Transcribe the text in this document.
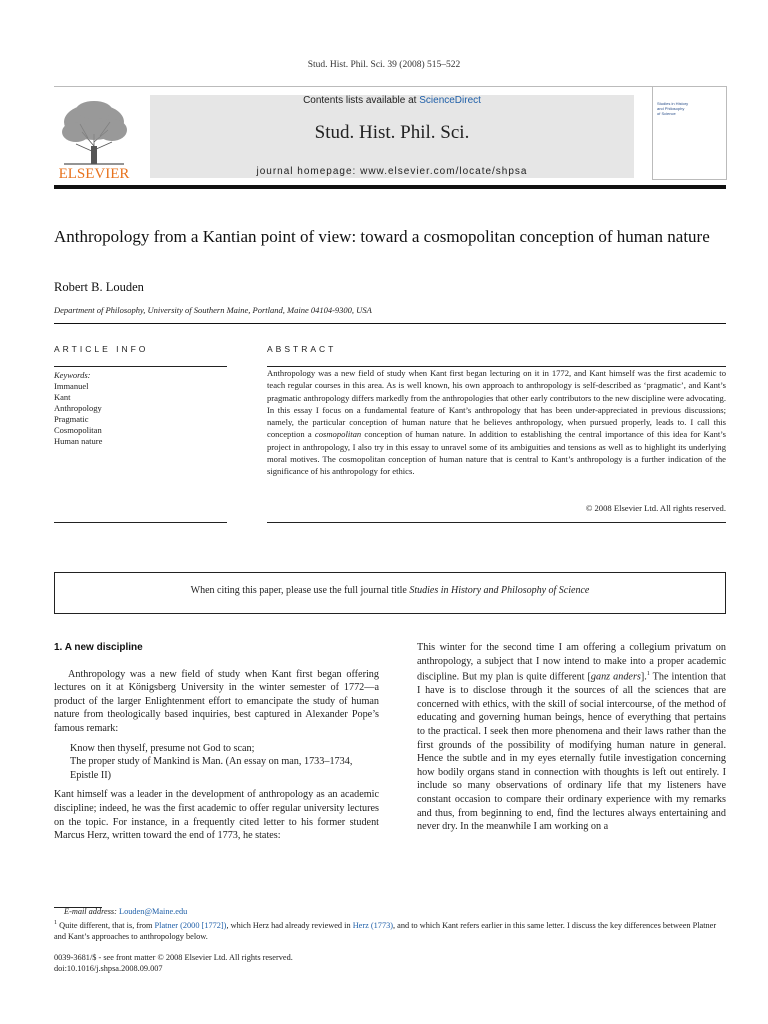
Stud. Hist. Phil. Sci. 39 (2008) 515–522
ELSEVIER
Contents lists available at ScienceDirect
Stud. Hist. Phil. Sci.
journal homepage: www.elsevier.com/locate/shpsa
Studies in History
and Philosophy
of Science
Anthropology from a Kantian point of view: toward a cosmopolitan conception of human nature
Robert B. Louden
Department of Philosophy, University of Southern Maine, Portland, Maine 04104-9300, USA
ARTICLE INFO	ABSTRACT
Keywords:
Immanuel
Kant
Anthropology
Pragmatic
Cosmopolitan
Human nature
Anthropology was a new field of study when Kant first began lecturing on it in 1772, and Kant himself was the first academic to teach regular courses in this area. As is well known, his own approach to anthropology is self-described as ‘pragmatic’, and Kant’s pragmatic anthropology differs markedly from the anthropologies that other early contributors to the new discipline were advocating. In this essay I focus on a fundamental feature of Kant’s anthropology that has been under-appreciated in previous discussions; namely, the particular conception of human nature that he believes anthropology, when pursued properly, leads to. I call this conception a cosmopolitan conception of human nature. In addition to establishing the central importance of this idea for Kant’s project in anthropology, I also try in this essay to unravel some of its ambiguities and tensions as well as to highlight its underlying moral motives. The cosmopolitan conception of human nature that is central to Kant’s anthropology is a further indication of the significance of his anthropology for ethics.
© 2008 Elsevier Ltd. All rights reserved.
When citing this paper, please use the full journal title Studies in History and Philosophy of Science

1. A new discipline

Anthropology was a new field of study when Kant first began offering lectures on it at Königsberg University in the winter semester of 1772—a product of the larger Enlightenment effort to emancipate the study of human nature from theologically based inquiries, best captured in Alexander Pope’s famous remark:

Know then thyself, presume not God to scan;
The proper study of Mankind is Man. (An essay on man, 1733–1734, Epistle II)

Kant himself was a leader in the development of anthropology as an academic discipline; indeed, he was the first academic to offer regular university lectures on the topic. For instance, in a frequently cited letter to his former student Marcus Herz, written toward the end of 1773, he states:

This winter for the second time I am offering a collegium privatum on anthropology, a subject that I now intend to make into a proper academic discipline. But my plan is quite different [ganz anders].$^1$ The intention that I have is to disclose through it the sources of all the sciences that are concerned with ethics, with the skill of social intercourse, of the method of educating and governing human beings, hence of everything that pertains to the practical. I seek then more phenomena and their laws rather than the first grounds of the possibility of modifying human nature in general. Hence the subtle and in my eyes eternally futile investigation concerning how bodily organs stand in connection with thoughts is left out entirely. I include so many observations of ordinary life that my listeners have constant occasion to compare their ordinary experience with my remarks and thus, from beginning to end, find the lectures always entertaining and never dry. In the meanwhile I am working on a

E-mail address: Louden@Maine.edu
$^1$ Quite different, that is, from Platner (2000 [1772]), which Herz had already reviewed in Herz (1773), and to which Kant refers earlier in this same letter. I discuss the key differences between Platner and Kant’s approaches to anthropology below.
0039-3681/$ - see front matter © 2008 Elsevier Ltd. All rights reserved.
doi:10.1016/j.shpsa.2008.09.007
